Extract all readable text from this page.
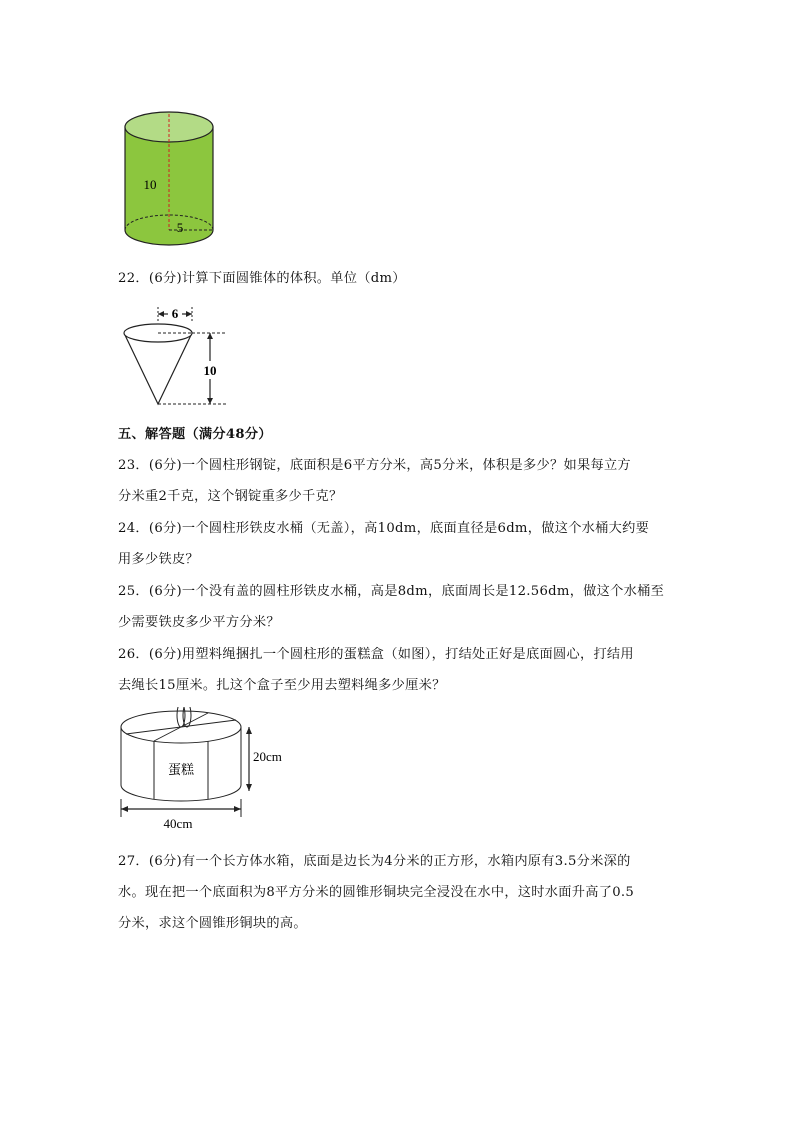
10
5
22．(6分)计算下面圆锥体的体积。单位（dm）
6
10
五、解答题（满分48分）
23．(6分)一个圆柱形钢锭，底面积是6平方分米，高5分米，体积是多少？如果每立方
分米重2千克，这个钢锭重多少千克？
24．(6分)一个圆柱形铁皮水桶（无盖），高10dm，底面直径是6dm，做这个水桶大约要
用多少铁皮？
25．(6分)一个没有盖的圆柱形铁皮水桶，高是8dm，底面周长是12.56dm，做这个水桶至
少需要铁皮多少平方分米？
26．(6分)用塑料绳捆扎一个圆柱形的蛋糕盒（如图），打结处正好是底面圆心，打结用
去绳长15厘米。扎这个盒子至少用去塑料绳多少厘米？
蛋糕
20cm
40cm
27．(6分)有一个长方体水箱，底面是边长为4分米的正方形，水箱内原有3.5分米深的
水。现在把一个底面积为8平方分米的圆锥形铜块完全浸没在水中，这时水面升高了0.5
分米，求这个圆锥形铜块的高。
